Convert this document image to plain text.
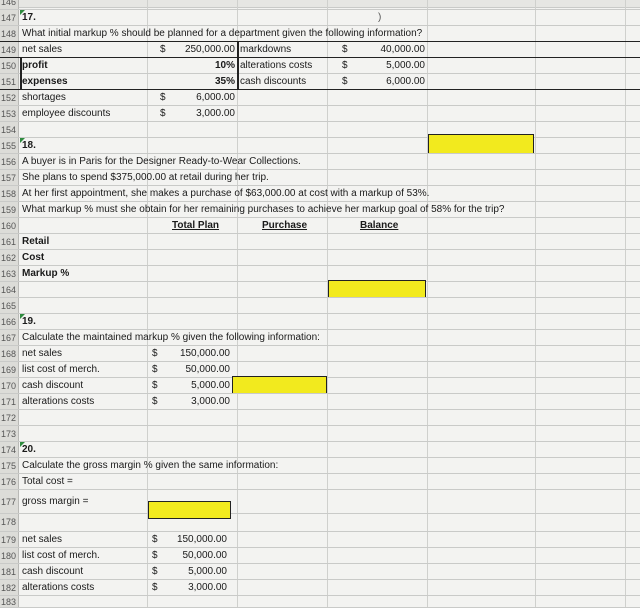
146
147 17.	)
148 What initial markup % should be planned for a department given the following information?
149 net sales	$	250,000.00 markdowns	$	40,000.00
150 profit	10% alterations costs	$	5,000.00
151 expenses	35% cash discounts	$	6,000.00
152 shortages	$	6,000.00
153 employee discounts	$	3,000.00
154
155 18.
156 A buyer is in Paris for the Designer Ready-to-Wear Collections.
157 She plans to spend $375,000.00 at retail during her trip.
158 At her first appointment, she makes a purchase of $63,000.00 at cost with a markup of 53%.
159 What markup % must she obtain for her remaining purchases to achieve her markup goal of 58% for the trip?
160	Total Plan	Purchase	Balance
161 Retail
162 Cost
163 Markup %
164
165
166 19.
167 Calculate the maintained markup % given the following information:
168 net sales	$	150,000.00
169 list cost of merch.	$	50,000.00
170 cash discount	$	5,000.00
171 alterations costs	$	3,000.00
172
173
174 20.
175 Calculate the gross margin % given the same information:
176 Total cost =
177 gross margin =
178
179 net sales	$	150,000.00
180 list cost of merch.	$	50,000.00
181 cash discount	$	5,000.00
182 alterations costs	$	3,000.00
183
